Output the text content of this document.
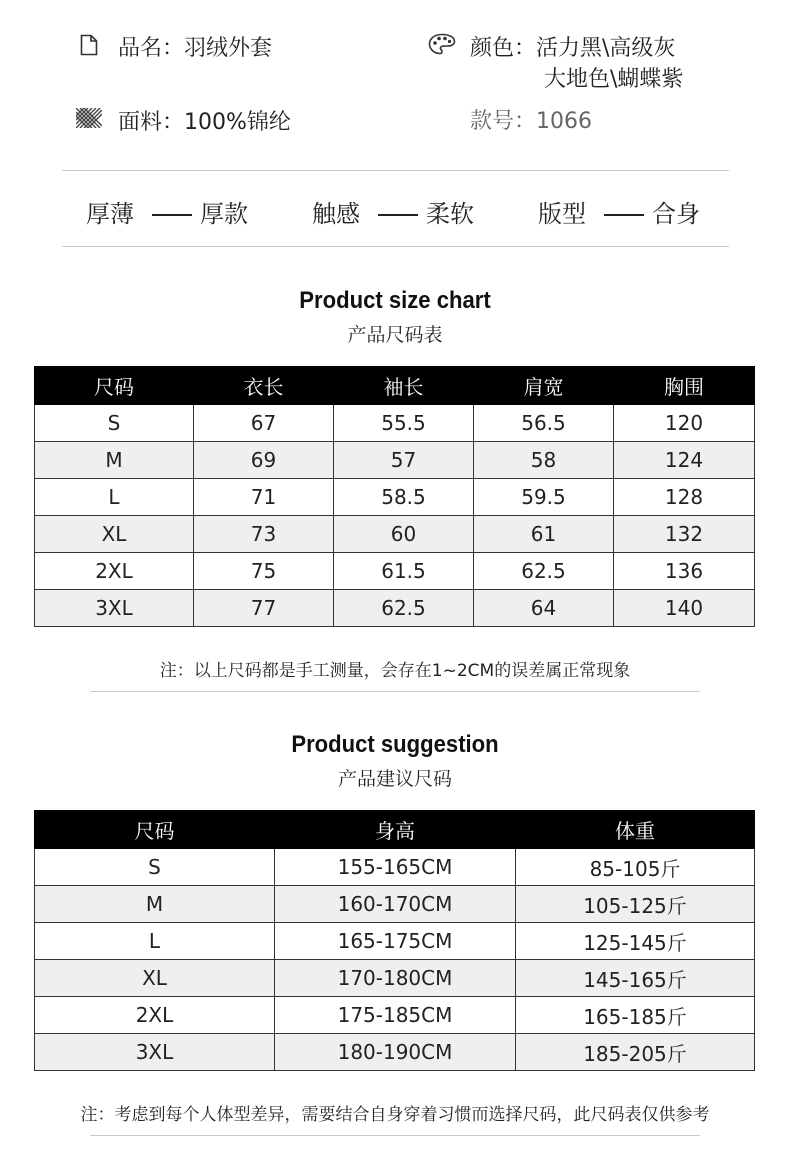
品名：羽绒外套	颜色：活力黑\高级灰
大地色\蝴蝶紫
面料：100%锦纶	款号：1066
厚薄	厚款	触感	柔软	版型	合身
Product size chart
产品尺码表
尺码	衣长	袖长	肩宽	胸围
S	67	55.5	56.5	120
M	69	57	58	124
L	71	58.5	59.5	128
XL	73	60	61	132
2XL	75	61.5	62.5	136
3XL	77	62.5	64	140
注：以上尺码都是手工测量，会存在1~2CM的误差属正常现象
Product suggestion
产品建议尺码
尺码	身高	体重
S	155-165CM	85-105斤
M	160-170CM	105-125斤
L	165-175CM	125-145斤
XL	170-180CM	145-165斤
2XL	175-185CM	165-185斤
3XL	180-190CM	185-205斤
注：考虑到每个人体型差异，需要结合自身穿着习惯而选择尺码，此尺码表仅供参考
